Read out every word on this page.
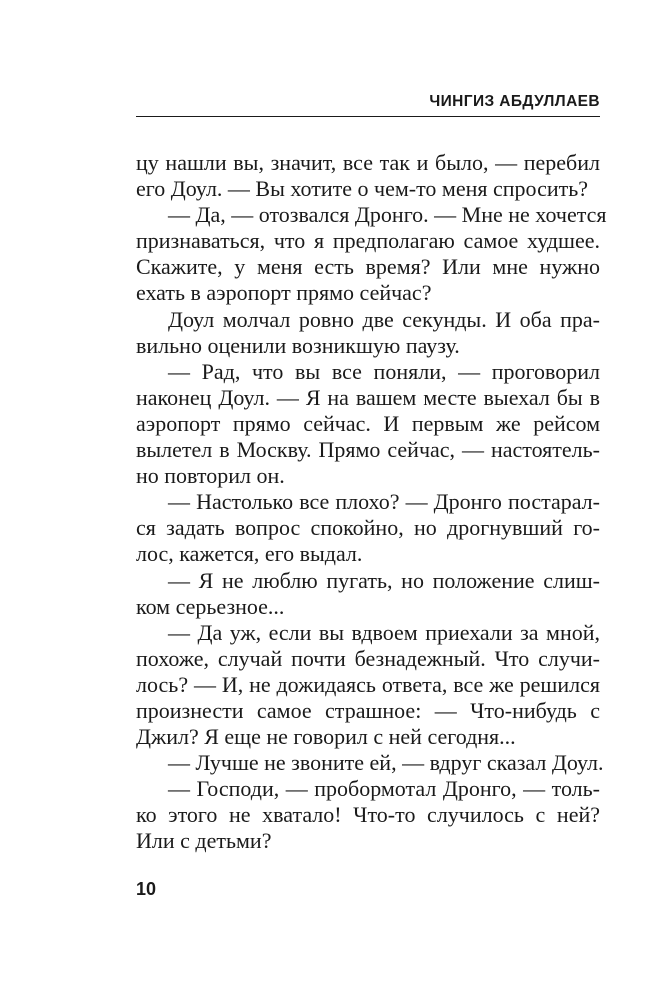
ЧИНГИЗ АБДУЛЛАЕВ
цу нашли вы, значит, все так и было, — перебил
его Доул. — Вы хотите о чем-то меня спросить?
— Да, — отозвался Дронго. — Мне не хочется
признаваться, что я предполагаю самое худшее.
Скажите, у меня есть время? Или мне нужно
ехать в аэропорт прямо сейчас?
Доул молчал ровно две секунды. И оба пра-
вильно оценили возникшую паузу.
— Рад, что вы все поняли, — проговорил
наконец Доул. — Я на вашем месте выехал бы в
аэропорт прямо сейчас. И первым же рейсом
вылетел в Москву. Прямо сейчас, — настоятель-
но повторил он.
— Настолько все плохо? — Дронго постарал-
ся задать вопрос спокойно, но дрогнувший го-
лос, кажется, его выдал.
— Я не люблю пугать, но положение слиш-
ком серьезное...
— Да уж, если вы вдвоем приехали за мной,
похоже, случай почти безнадежный. Что случи-
лось? — И, не дожидаясь ответа, все же решился
произнести самое страшное: — Что-нибудь с
Джил? Я еще не говорил с ней сегодня...
— Лучше не звоните ей, — вдруг сказал Доул.
— Господи, — пробормотал Дронго, — толь-
ко этого не хватало! Что-то случилось с ней?
Или с детьми?
10
